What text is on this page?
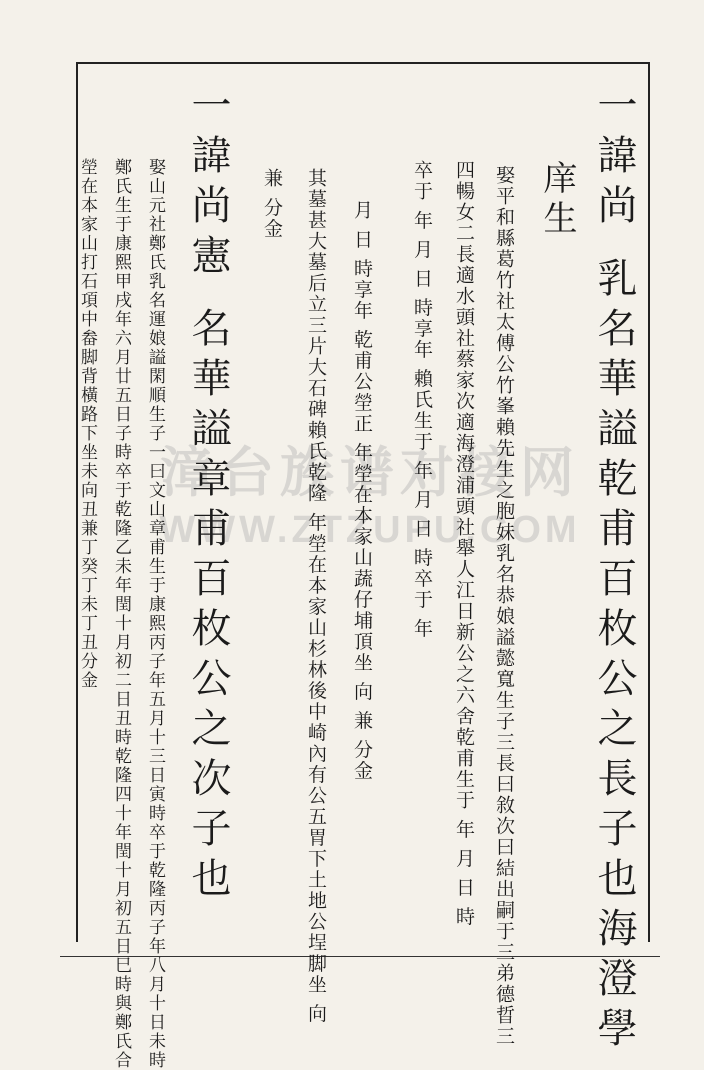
漳台族谱对接网
WWW.ZTZUPU.COM 一諱尚 乳名華謚乾甫百枚公之長子也海澄學
庠生
娶平和縣葛竹社太傅公竹峯賴先生之胞妹乳名恭娘謚懿寬生子三長曰敘次曰結出嗣于三弟德晢三
四暢女二長適水頭社蔡家次適海澄浦頭社舉人江日新公之六舍乾甫生于 年 月 日 時
卒于 年 月 日 時享年 賴氏生于 年 月 日 時卒于 年
月 日 時享年 乾甫公塋正 年塋在本家山蔬仔埔頂坐 向 兼 分金
其墓甚大墓后立三片大石碑賴氏乾隆 年塋在本家山杉林後中崎內有公五胃下土地公埕脚坐 向
兼 分金
一諱尚憲 名華謚章甫百枚公之次子也
娶山元社鄭氏乳名運娘謚閑順生子一曰文山章甫生于康熙丙子年五月十三日寅時卒于乾隆丙子年八月十日未時
鄭氏生于康熙甲戌年六月廿五日子時卒于乾隆乙未年閏十月初二日丑時乾隆四十年閏十月初五日巳時與鄭氏合
塋在本家山打石項中畚脚背橫路下坐未向丑兼丁癸丁未丁丑分金
